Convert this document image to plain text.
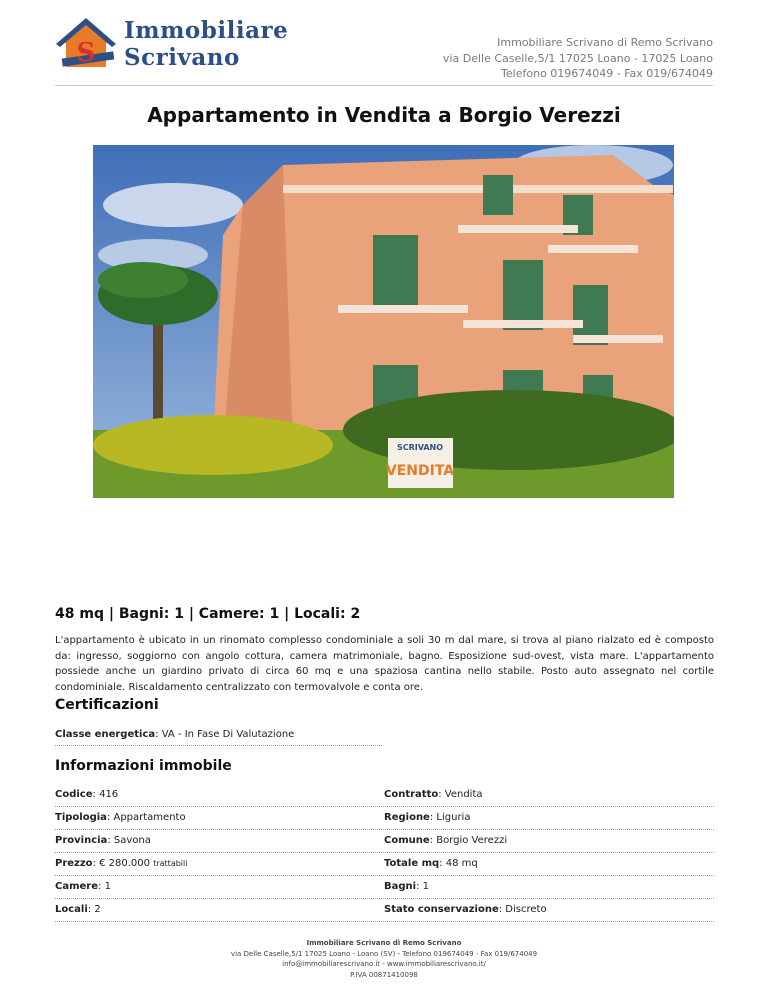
S
Immobiliare
Scrivano
Immobiliare Scrivano di Remo Scrivano
via Delle Caselle,5/1 17025 Loano - 17025 Loano
Telefono 019674049 - Fax 019/674049
Appartamento in Vendita a Borgio Verezzi
SCRIVANO
VENDITA
48 mq | Bagni: 1 | Camere: 1 | Locali: 2
L'appartamento è ubicato in un rinomato complesso condominiale a soli 30 m dal mare, si trova al piano rialzato ed è composto da: ingresso, soggiorno con angolo cottura, camera matrimoniale, bagno. Esposizione sud-ovest, vista mare. L'appartamento possiede anche un giardino privato di circa 60 mq e una spaziosa cantina nello stabile. Posto auto assegnato nel cortile condominiale. Riscaldamento centralizzato con termovalvole e conta ore.
Certificazioni
Classe energetica: VA - In Fase Di Valutazione
Informazioni immobile
Codice: 416	Contratto: Vendita
Tipologia: Appartamento	Regione: Liguria
Provincia: Savona	Comune: Borgio Verezzi
Prezzo: € 280.000 trattabili	Totale mq: 48 mq
Camere: 1	Bagni: 1
Locali: 2	Stato conservazione: Discreto
Immobiliare Scrivano di Remo Scrivano
via Delle Caselle,5/1 17025 Loano - Loano (SV) - Telefono 019674049 - Fax 019/674049
info@immobiliarescrivano.it - www.immobiliarescrivano.it/
P.IVA 00871410098
